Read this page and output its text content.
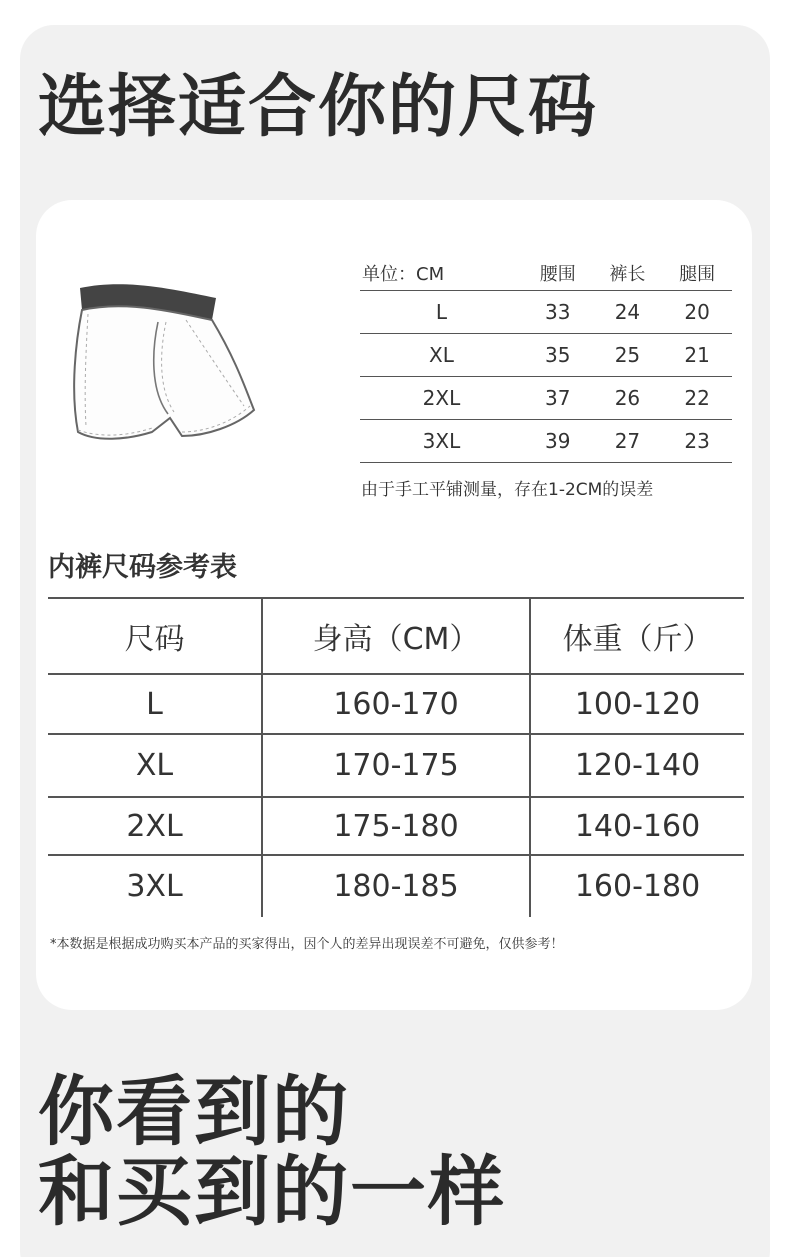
选择适合你的尺码
单位：CM	腰围	裤长	腿围
L	33	24	20
XL	35	25	21
2XL	37	26	22
3XL	39	27	23

由于手工平铺测量，存在1-2CM的误差

内裤尺码参考表
尺码	身高（CM）	体重（斤）
L	160-170	100-120
XL	170-175	120-140
2XL	175-180	140-160
3XL	180-185	160-180

*本数据是根据成功购买本产品的买家得出，因个人的差异出现误差不可避免，仅供参考！

你看到的
和买到的一样
